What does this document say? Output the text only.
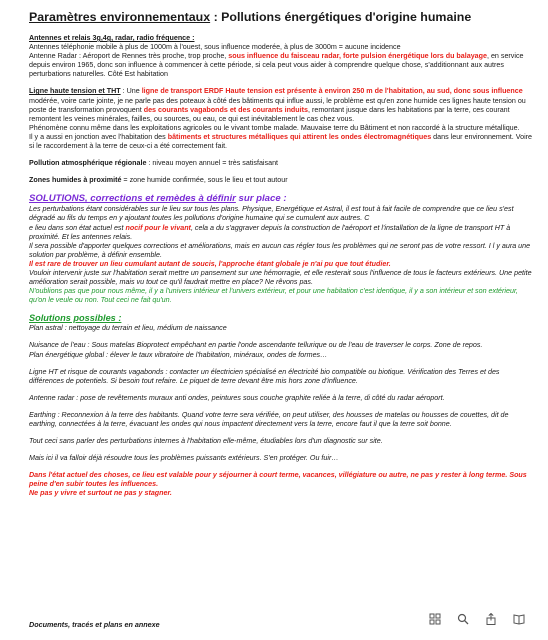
Paramètres environnementaux : Pollutions énergétiques d'origine humaine

Antennes et relais 3g,4g, radar, radio fréquence :

Antennes téléphonie mobile à plus de 1000m à l'ouest, sous influence moderée, à plus de 3000m = aucune incidence

Antenne Radar : Aéroport de Rennes très proche, trop proche, sous influence du faisceau radar, forte pulsion énergétique lors du balayage, en service depuis environ 1965, donc son influence à commencer à cette période, si cela peut vous aider à comprendre quelque chose, s'additionnant aux autres perturbations naturelles. Côté Est habitation

Ligne haute tension et THT : Une ligne de transport ERDF Haute tension est présente à environ 250 m de l'habitation, au sud, donc sous influence modérée, voire carte jointe, je ne parle pas des poteaux à côté des bâtiments qui influe aussi, le problème est qu'en zone humide ces lignes haute tension ou poste de transformation provoquent des courants vagabonds et des courants induits, remontant jusque dans les habitations par la terre, ces courant remontent les veines minérales, failles, ou sources, ou eau, ce qui est inévitablement le cas chez vous.

Phénomène connu même dans les exploitations agricoles ou le vivant tombe malade. Mauvaise terre du Bâtiment et non raccordé à la structure métallique.

Il y a aussi en jonction avec l'habitation des bâtiments et structures métalliques qui attirent les ondes électromagnétiques dans leur environnement. Voire si le raccordement à la terre de ceux-ci a été correctement fait.

Pollution atmosphérique régionale : niveau moyen annuel = très satisfaisant

Zones humides à proximité = zone humide confirmée, sous le lieu et tout autour

SOLUTIONS, corrections et remèdes à définir sur place :

Les perturbations étant considérables sur le lieu sur tous les plans. Physique, Energétique et Astral, il est tout à fait facile de comprendre que ce lieu s'est dégradé au fils du temps en y ajoutant toutes les pollutions d'origine humaine qui se cumulent aux autres. C

e lieu dans son état actuel est nocif pour le vivant, cela a du s'aggraver depuis la construction de l'aéroport et l'installation de la ligne de transport HT à proximité. Et les antennes relais.

Il sera possible d'apporter quelques corrections et améliorations, mais en aucun cas régler tous les problèmes qui ne seront pas de votre ressort. I l y aura une solution par problème, à définir ensemble.

Il est rare de trouver un lieu cumulant autant de soucis, l'approche étant globale je n'ai pu que tout étudier.

Vouloir intervenir juste sur l'habitation serait mettre un pansement sur une hémorragie, et elle resterait sous l'influence de tous le facteurs extérieurs. Une petite amélioration serait possible, mais vu tout ce qu'il faudrait mettre en place? Ne rêvons pas.

N'oublions pas que pour nous même, il y a l'univers intérieur et l'univers extérieur, et pour une habitation c'est identique, il y a son intérieur et son extérieur, qu'on le veule ou non. Tout ceci ne fait qu'un.

Solutions possibles :

Plan astral : nettoyage du terrain et lieu, médium de naissance

Nuisance de l'eau : Sous matelas Bioprotect empêchant en partie l'onde ascendante tellurique ou de l'eau de traverser le corps. Zone de repos.

Plan énergétique global : élever le taux vibratoire de l'habitation, minéraux, ondes de formes…

Ligne HT et risque de courants vagabonds : contacter un électricien spécialisé en électricité bio compatible ou biotique. Vérification des Terres et des différences de potentiels. Si besoin tout refaire. Le piquet de terre devant être mis hors zone d'influence.

Antenne radar : pose de revêtements muraux anti ondes, peintures sous couche graphite reliée à la terre, di côté du radar aéroport.

Earthing : Reconnexion à la terre des habitants. Quand votre terre sera vérifiée, on peut utiliser, des housses de matelas ou housses de couettes, dit de earthing, connectées à la terre, évacuant les ondes qui nous impactent directement vers la terre, encore faut il que la terre soit bonne.

Tout ceci sans parler des perturbations internes à l'habitation elle-même, étudiables lors d'un diagnostic sur site.

Mais ici il va falloir déjà résoudre tous les problèmes puissants extérieurs. S'en protéger. Ou fuir…

Dans l'état actuel des choses, ce lieu est valable pour y séjourner à court terme, vacances, villégiature ou autre, ne pas y rester à long terme. Sous peine d'en subir toutes les influences.

Ne pas y vivre et surtout ne pas y stagner.

Documents, tracés et plans en annexe
